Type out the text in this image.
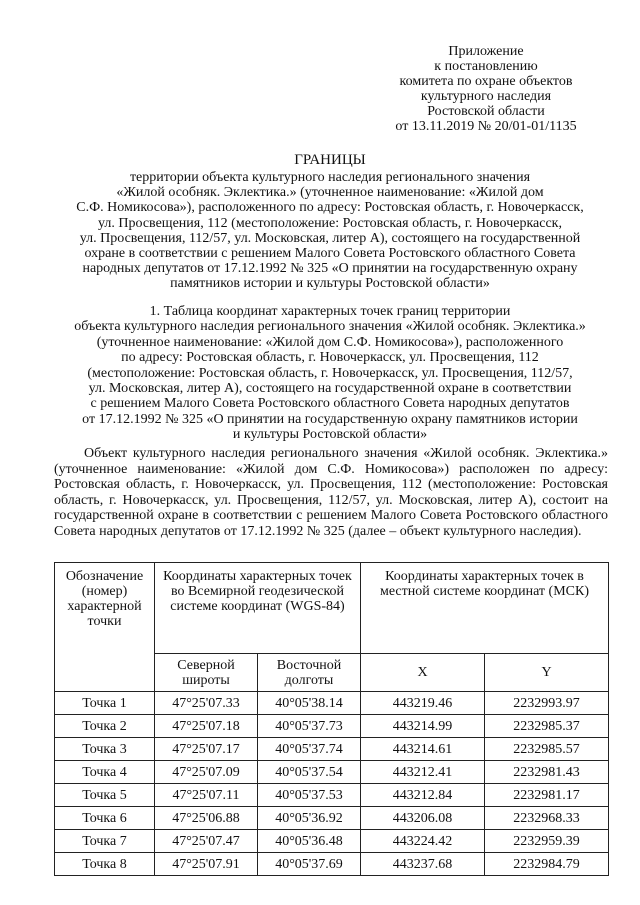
Приложение
к постановлению
комитета по охране объектов
культурного наследия
Ростовской области
от 13.11.2019 № 20/01-01/1135
ГРАНИЦЫ
территории объекта культурного наследия регионального значения
«Жилой особняк. Эклектика.» (уточненное наименование: «Жилой дом
С.Ф. Номикосова»), расположенного по адресу: Ростовская область, г. Новочеркасск,
ул. Просвещения, 112 (местоположение: Ростовская область, г. Новочеркасск,
ул. Просвещения, 112/57, ул. Московская, литер А), состоящего на государственной
охране в соответствии с решением Малого Совета Ростовского областного Совета
народных депутатов от 17.12.1992 № 325 «О принятии на государственную охрану
памятников истории и культуры Ростовской области»
1. Таблица координат характерных точек границ территории
объекта культурного наследия регионального значения «Жилой особняк. Эклектика.»
(уточненное наименование: «Жилой дом С.Ф. Номикосова»), расположенного
по адресу: Ростовская область, г. Новочеркасск, ул. Просвещения, 112
(местоположение: Ростовская область, г. Новочеркасск, ул. Просвещения, 112/57,
ул. Московская, литер А), состоящего на государственной охране в соответствии
с решением Малого Совета Ростовского областного Совета народных депутатов
от 17.12.1992 № 325 «О принятии на государственную охрану памятников истории
и культуры Ростовской области»
Объект культурного наследия регионального значения «Жилой особняк. Эклектика.» (уточненное наименование: «Жилой дом С.Ф. Номикосова») расположен по адресу: Ростовская область, г. Новочеркасск, ул. Просвещения, 112 (местоположение: Ростовская область, г. Новочеркасск, ул. Просвещения, 112/57, ул. Московская, литер А), состоит на государственной охране в соответствии с решением Малого Совета Ростовского областного Совета народных депутатов от 17.12.1992 № 325 (далее – объект культурного наследия).
Обозначение (номер) характерной точки	Координаты характерных точек во Всемирной геодезической системе координат (WGS-84)		Координаты характерных точек в местной системе координат (МСК)	
	Северной широты	Восточной долготы	X	Y
Точка 1	47°25'07.33	40°05'38.14	443219.46	2232993.97
Точка 2	47°25'07.18	40°05'37.73	443214.99	2232985.37
Точка 3	47°25'07.17	40°05'37.74	443214.61	2232985.57
Точка 4	47°25'07.09	40°05'37.54	443212.41	2232981.43
Точка 5	47°25'07.11	40°05'37.53	443212.84	2232981.17
Точка 6	47°25'06.88	40°05'36.92	443206.08	2232968.33
Точка 7	47°25'07.47	40°05'36.48	443224.42	2232959.39
Точка 8	47°25'07.91	40°05'37.69	443237.68	2232984.79
